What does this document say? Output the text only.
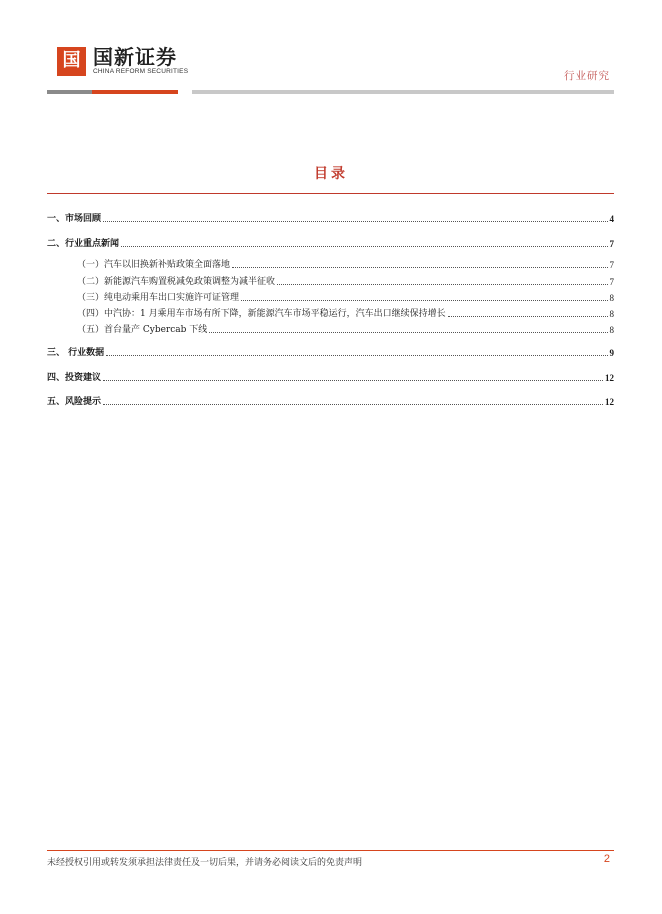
国 国新证券
CHINA REFORM SECURITIES	行业研究
目录
一、市场回顾	4
二、行业重点新闻	7
（一）汽车以旧换新补贴政策全面落地	7
（二）新能源汽车购置税减免政策调整为减半征收	7
（三）纯电动乘用车出口实施许可证管理	8
（四）中汽协：1 月乘用车市场有所下降，新能源汽车市场平稳运行，汽车出口继续保持增长	8
（五）首台量产 Cybercab 下线	8
三、 行业数据	9
四、投资建议	12
五、风险提示	12
未经授权引用或转发须承担法律责任及一切后果，并请务必阅读文后的免责声明	2
